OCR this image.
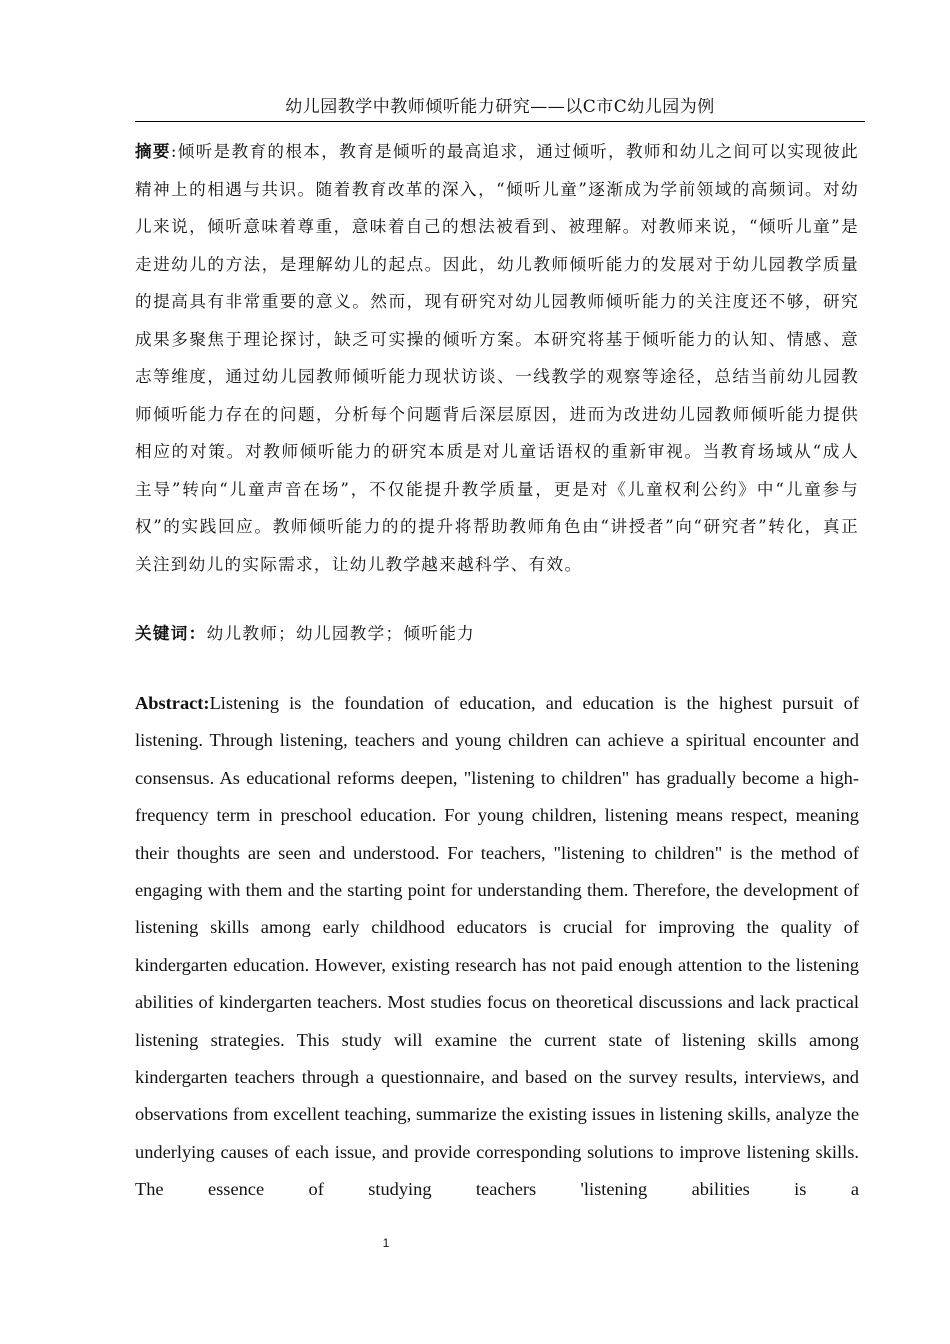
幼儿园教学中教师倾听能力研究——以C市C幼儿园为例
摘要:倾听是教育的根本，教育是倾听的最高追求，通过倾听，教师和幼儿之间可以实现彼此精神上的相遇与共识。随着教育改革的深入，“倾听儿童”逐渐成为学前领域的高频词。对幼儿来说，倾听意味着尊重，意味着自己的想法被看到、被理解。对教师来说，“倾听儿童”是走进幼儿的方法，是理解幼儿的起点。因此，幼儿教师倾听能力的发展对于幼儿园教学质量的提高具有非常重要的意义。然而，现有研究对幼儿园教师倾听能力的关注度还不够，研究成果多聚焦于理论探讨，缺乏可实操的倾听方案。本研究将基于倾听能力的认知、情感、意志等维度，通过幼儿园教师倾听能力现状访谈、一线教学的观察等途径，总结当前幼儿园教师倾听能力存在的问题，分析每个问题背后深层原因，进而为改进幼儿园教师倾听能力提供相应的对策。对教师倾听能力的研究本质是对儿童话语权的重新审视。当教育场域从“成人主导”转向“儿童声音在场”，不仅能提升教学质量，更是对《儿童权利公约》中“儿童参与权”的实践回应。教师倾听能力的的提升将帮助教师角色由“讲授者”向“研究者”转化，真正关注到幼儿的实际需求，让幼儿教学越来越科学、有效。
关键词：幼儿教师；幼儿园教学；倾听能力
Abstract:Listening is the foundation of education, and education is the highest pursuit of listening. Through listening, teachers and young children can achieve a spiritual encounter and consensus. As educational reforms deepen, "listening to children" has gradually become a high-frequency term in preschool education. For young children, listening means respect, meaning their thoughts are seen and understood. For teachers, "listening to children" is the method of engaging with them and the starting point for understanding them. Therefore, the development of listening skills among early childhood educators is crucial for improving the quality of kindergarten education. However, existing research has not paid enough attention to the listening abilities of kindergarten teachers. Most studies focus on theoretical discussions and lack practical listening strategies. This study will examine the current state of listening skills among kindergarten teachers through a questionnaire, and based on the survey results, interviews, and observations from excellent teaching, summarize the existing issues in listening skills, analyze the underlying causes of each issue, and provide corresponding solutions to improve listening skills. The essence of studying teachers 'listening abilities is a
1
